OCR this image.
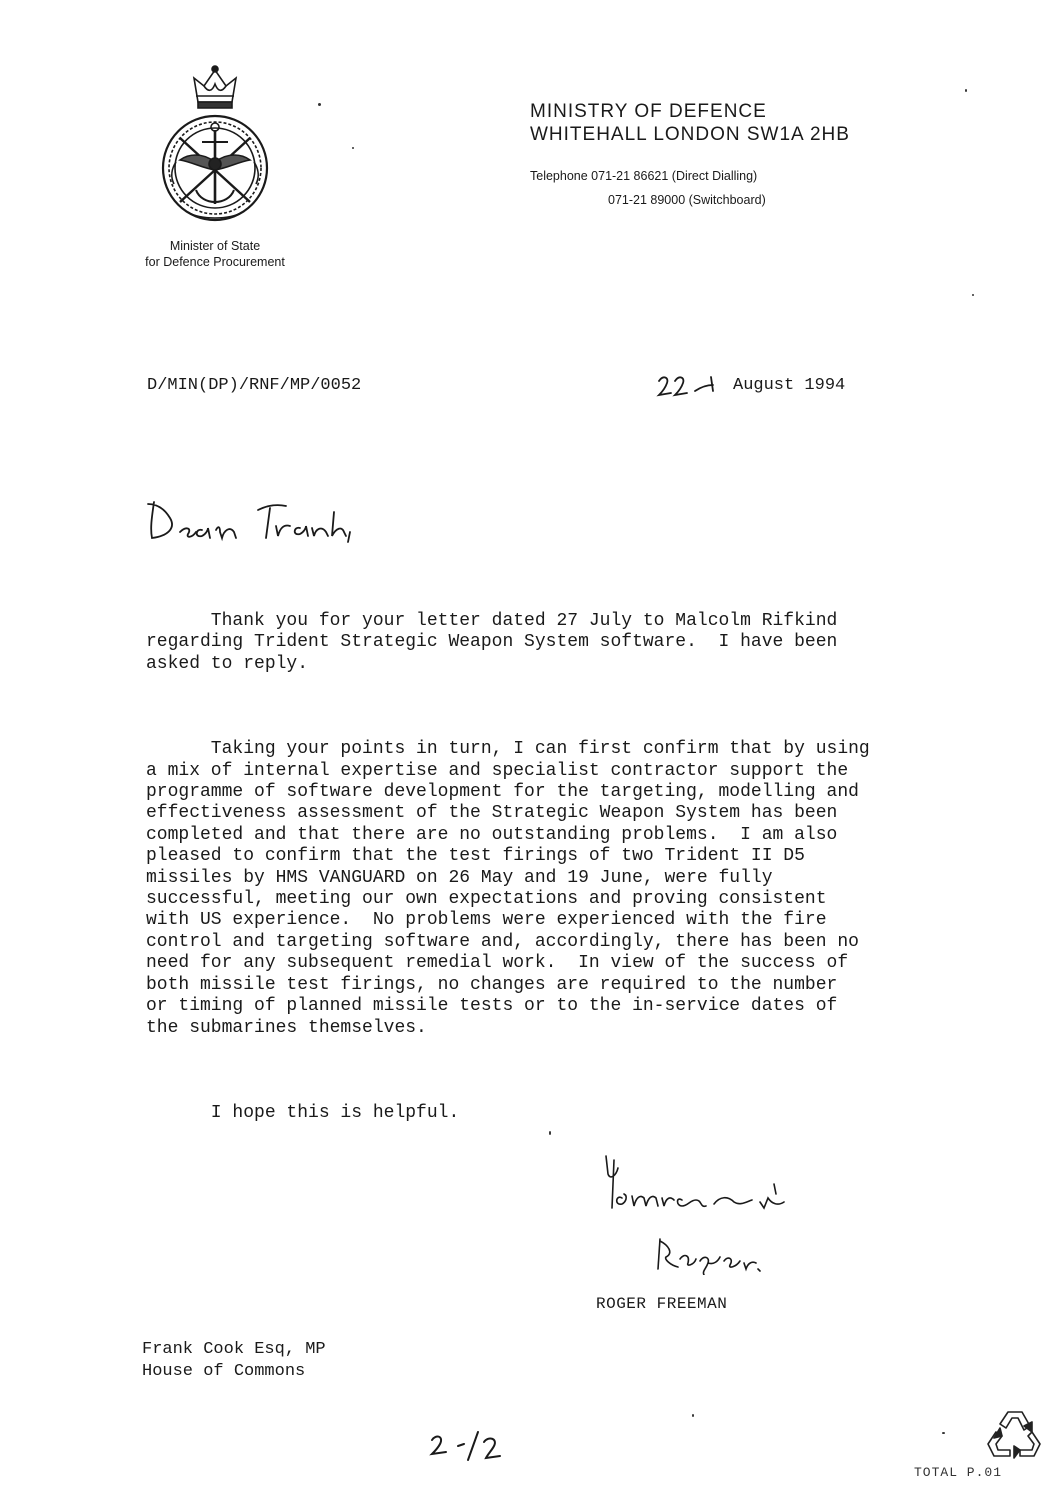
MINISTRY OF DEFENCE
WHITEHALL LONDON SW1A 2HB
Telephone 071-21 86621 (Direct Dialling)
071-21 89000 (Switchboard)
Minister of State
for Defence Procurement
D/MIN(DP)/RNF/MP/0052	August 1994

Thank you for your letter dated 27 July to Malcolm Rifkind
regarding Trident Strategic Weapon System software.  I have been
asked to reply.

Taking your points in turn, I can first confirm that by using
a mix of internal expertise and specialist contractor support the
programme of software development for the targeting, modelling and
effectiveness assessment of the Strategic Weapon System has been
completed and that there are no outstanding problems.  I am also
pleased to confirm that the test firings of two Trident II D5
missiles by HMS VANGUARD on 26 May and 19 June, were fully
successful, meeting our own expectations and proving consistent
with US experience.  No problems were experienced with the fire
control and targeting software and, accordingly, there has been no
need for any subsequent remedial work.  In view of the success of
both missile test firings, no changes are required to the number
or timing of planned missile tests or to the in-service dates of
the submarines themselves.

I hope this is helpful.

ROGER FREEMAN
Frank Cook Esq, MP
House of Commons
TOTAL P.01
